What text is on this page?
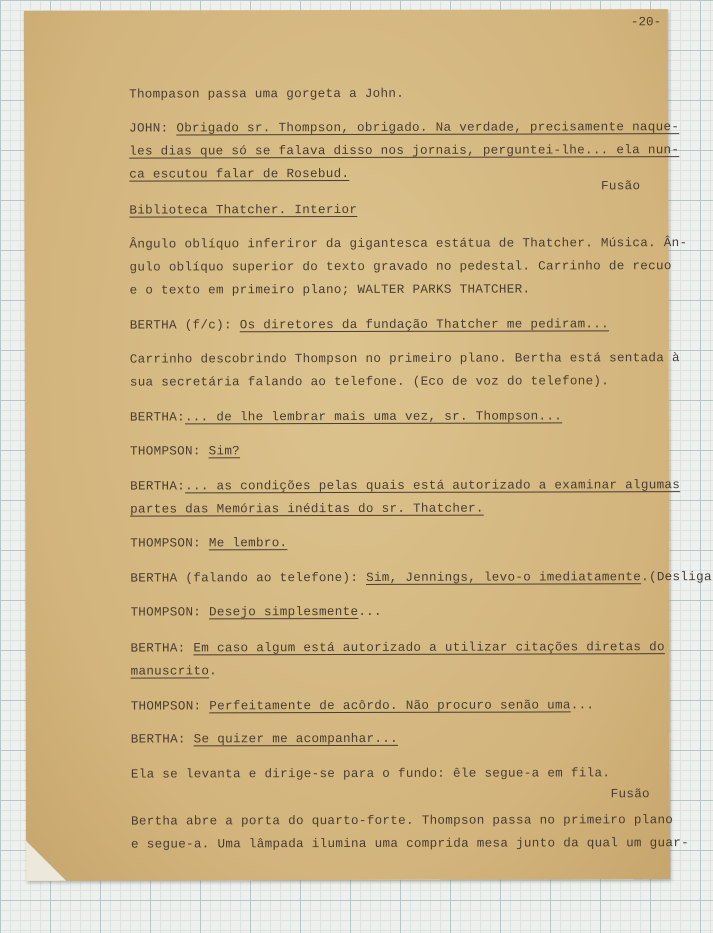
-20-
Thompason passa uma gorgeta a John.
JOHN: Obrigado sr. Thompson, obrigado. Na verdade, precisamente naque-
les dias que só se falava disso nos jornais, perguntei-lhe... ela nun-
ca escutou falar de Rosebud.
Fusão
Biblioteca Thatcher. Interior
Ângulo oblíquo inferiror da gigantesca estátua de Thatcher. Música. Ân-
gulo oblíquo superior do texto gravado no pedestal. Carrinho de recuo
e o texto em primeiro plano; WALTER PARKS THATCHER.
BERTHA (f/c): Os diretores da fundação Thatcher me pediram...
Carrinho descobrindo Thompson no primeiro plano. Bertha está sentada à
sua secretária falando ao telefone. (Eco de voz do telefone).
BERTHA:... de lhe lembrar mais uma vez, sr. Thompson...
THOMPSON: Sim?
BERTHA:... as condições pelas quais está autorizado a examinar algumas
partes das Memórias inéditas do sr. Thatcher.
THOMPSON: Me lembro.
BERTHA (falando ao telefone): Sim, Jennings, levo-o imediatamente.(Desliga
THOMPSON: Desejo simplesmente...
BERTHA: Em caso algum está autorizado a utilizar citações diretas do
manuscrito.
THOMPSON: Perfeitamente de acôrdo. Não procuro senão uma...
BERTHA: Se quizer me acompanhar...
Ela se levanta e dirige-se para o fundo: êle segue-a em fila.
Fusão
Bertha abre a porta do quarto-forte. Thompson passa no primeiro plano
e segue-a. Uma lâmpada ilumina uma comprida mesa junto da qual um guar-
